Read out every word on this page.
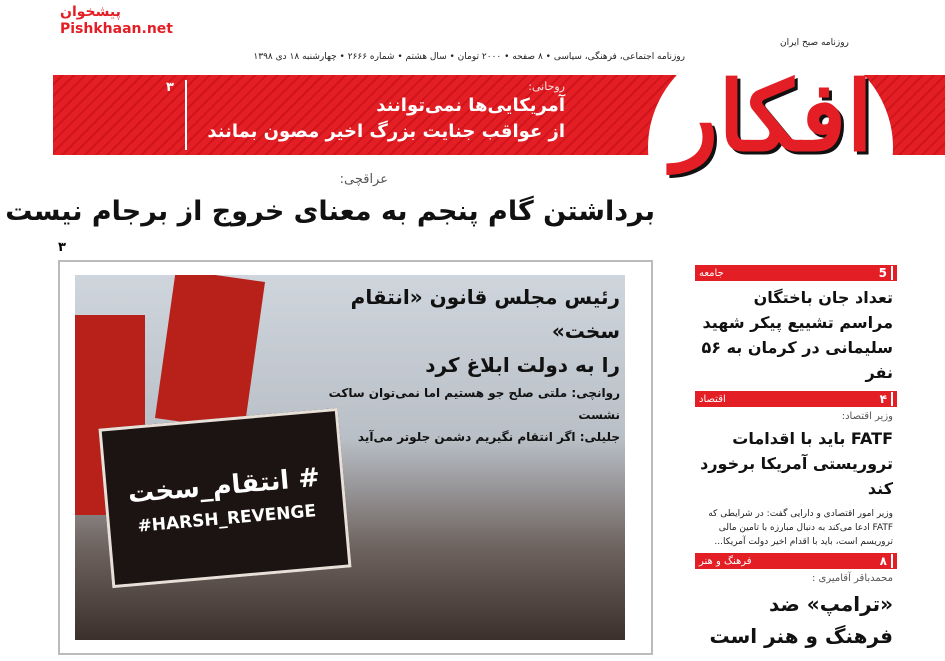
روزنامه اجتماعی، فرهنگی، سیاسی • ۸ صفحه • ۲۰۰۰ تومان • سال هشتم • شماره ۲۶۶۶ • چهارشنبه ۱۸ دی ۱۳۹۸
۳	روحانی:
آمریکایی‌ها نمی‌توانند
از عواقب جنایت بزرگ اخیر مصون بمانند
روزنامه صبح ایران
افکار
عراقچی:
برداشتن گام پنجم به معنای خروج از برجام نیست
۳
# انتقام_سخت
#HARSH_REVENGE
رئیس مجلس قانون «انتقام سخت»
را به دولت ابلاغ کرد
روانچی: ملتی صلح جو هستیم اما نمی‌توان ساکت نشست
جلیلی: اگر انتقام نگیریم دشمن جلوتر می‌آید
5
جامعه
تعداد جان باختگان مراسم تشییع پیکر شهید سلیمانی در کرمان به ۵۶ نفر
۴
اقتصاد
وزیر اقتصاد:
FATF باید با اقدامات تروریستی آمریکا برخورد کند
وزیر امور اقتصادی و دارایی گفت: در شرایطی که FATF ادعا می‌کند به دنبال مبارزه با تامین مالی تروریسم است، باید با اقدام اخیر دولت آمریکا...
۸
فرهنگ و هنر
محمدباقر آقامیری :
«ترامپ» ضد فرهنگ و هنر است
پیشخوان
Pishkhaan.net
